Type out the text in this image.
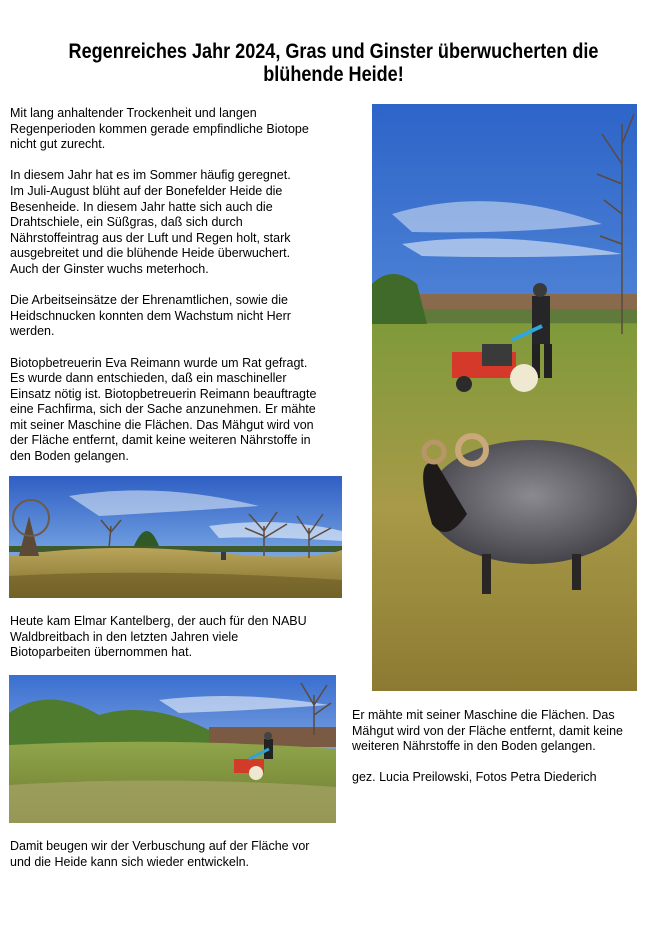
Regenreiches Jahr 2024, Gras und Ginster überwucherten die
blühende Heide!
Mit lang anhaltender Trockenheit und langen
Regenperioden kommen gerade empfindliche Biotope
nicht gut zurecht.
In diesem Jahr hat es im Sommer häufig geregnet.
Im Juli-August blüht auf der Bonefelder Heide die
Besenheide. In diesem Jahr hatte sich auch die
Drahtschiele, ein Süßgras, daß sich durch
Nährstoffeintrag aus der Luft und Regen holt, stark
ausgebreitet und die blühende Heide überwuchert.
Auch der Ginster wuchs meterhoch.
Die Arbeitseinsätze der Ehrenamtlichen, sowie die
Heidschnucken konnten dem Wachstum nicht Herr
werden.
Biotopbetreuerin Eva Reimann wurde um Rat gefragt.
Es wurde dann entschieden, daß ein maschineller
Einsatz nötig ist. Biotopbetreuerin Reimann beauftragte
eine Fachfirma, sich der Sache anzunehmen. Er mähte
mit seiner Maschine die Flächen. Das Mähgut wird von
der Fläche entfernt, damit keine weiteren Nährstoffe in
den Boden gelangen.
Heute kam Elmar Kantelberg, der auch für den NABU
Waldbreitbach in den letzten Jahren viele
Biotoparbeiten übernommen hat.
Damit beugen wir der Verbuschung auf der Fläche vor
und die Heide kann sich wieder entwickeln.
Er mähte mit seiner Maschine die Flächen. Das
Mähgut wird von der Fläche entfernt, damit keine
weiteren Nährstoffe in den Boden gelangen.
gez. Lucia Preilowski, Fotos Petra Diederich
